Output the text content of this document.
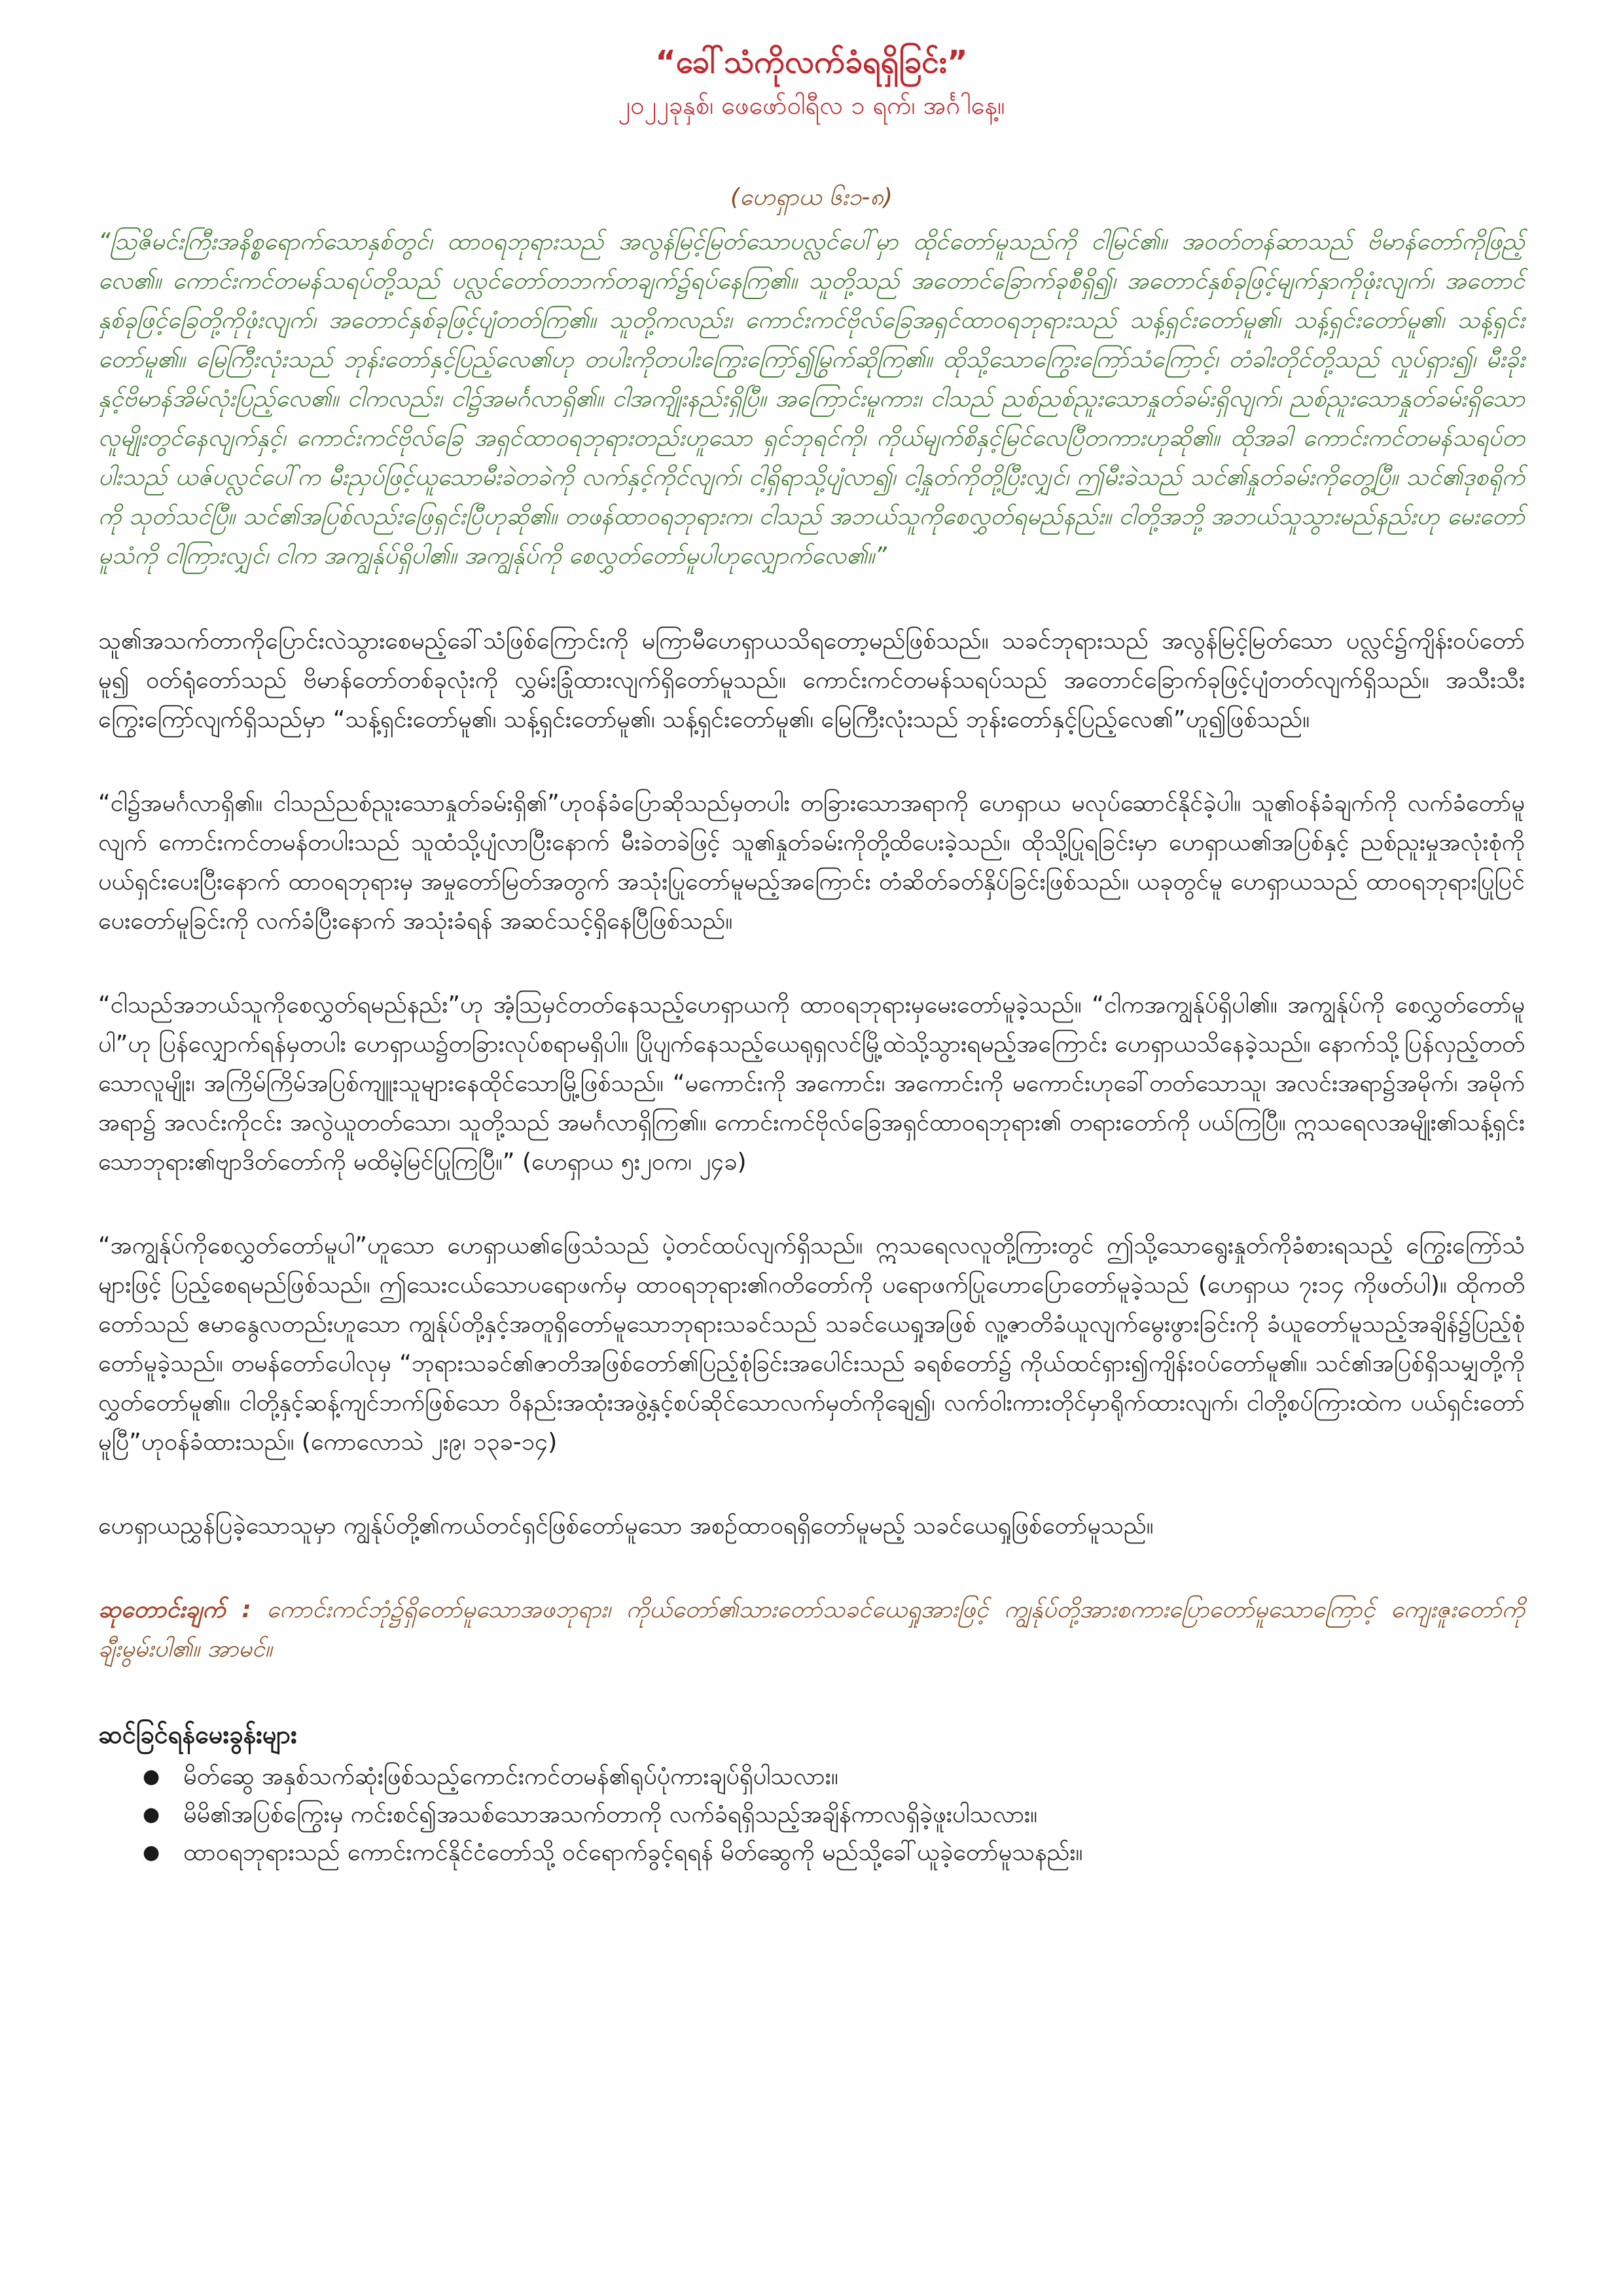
“ခေါ်သံကိုလက်ခံရရှိခြင်း”

၂၀၂၂ခုနှစ်၊ ဖေဖော်ဝါရီလ ၁ ရက်၊ အင်္ဂါနေ့။

(ဟေရှာယ ၆း၁-၈)

“ဩဇိမင်းကြီးအနိစ္စရောက်သောနှစ်တွင်၊ ထာဝရဘုရားသည် အလွန်မြင့်မြတ်သောပလ္လင်ပေါ်မှာ ထိုင်တော်မူသည်ကို ငါမြင်၏။ အဝတ်တန်ဆာသည် ဗိမာန်တော်ကိုဖြည့်လေ၏။ ကောင်းကင်တမန်သရပ်တို့သည် ပလ္လင်တော်တဘက်တချက်၌ရပ်နေကြ၏။ သူတို့သည် အတောင်ခြောက်ခုစီရှိ၍၊ အတောင်နှစ်ခုဖြင့်မျက်နှာကိုဖုံးလျက်၊ အတောင်နှစ်ခုဖြင့်ခြေတို့ကိုဖုံးလျက်၊ အတောင်နှစ်ခုဖြင့်ပျံတတ်ကြ၏။ သူတို့ကလည်း၊ ကောင်းကင်ဗိုလ်ခြေအရှင်ထာဝရဘုရားသည် သန့်ရှင်းတော်မူ၏၊ သန့်ရှင်းတော်မူ၏၊ သန့်ရှင်းတော်မူ၏။ မြေကြီးလုံးသည် ဘုန်းတော်နှင့်ပြည့်လေ၏ဟု တပါးကိုတပါးကြွေးကြော်၍မြွက်ဆိုကြ၏။ ထိုသို့သောကြွေးကြော်သံကြောင့်၊ တံခါးတိုင်တို့သည် လှုပ်ရှား၍၊ မီးခိုးနှင့်ဗိမာန်အိမ်လုံးပြည့်လေ၏။ ငါကလည်း၊ ငါ၌အမင်္ဂလာရှိ၏။ ငါအကျိုးနည်းရှိပြီ။ အကြောင်းမူကား၊ ငါသည် ညစ်ညစ်ညူးသောနှုတ်ခမ်းရှိလျက်၊ ညစ်ညူးသောနှုတ်ခမ်းရှိသော လူမျိုးတွင်နေလျက်နှင့်၊ ကောင်းကင်ဗိုလ်ခြေ အရှင်ထာဝရဘုရားတည်းဟူသော ရှင်ဘုရင်ကို၊ ကိုယ်မျက်စိနှင့်မြင်လေပြီတကားဟုဆို၏။ ထိုအခါ ကောင်းကင်တမန်သရပ်တပါးသည် ယဇ်ပလ္လင်ပေါ်က မီးညှပ်ဖြင့်ယူသောမီးခဲတခဲကို လက်နှင့်ကိုင်လျက်၊ ငါ့ရှိရာသို့ပျံလာ၍၊ ငါ့နှုတ်ကိုတို့ပြီးလျှင်၊ ဤမီးခဲသည် သင်၏နှုတ်ခမ်းကိုတွေ့ပြီ။ သင်၏ဒုစရိုက်ကို သုတ်သင်ပြီ။ သင်၏အပြစ်လည်းဖြေရှင်းပြီဟုဆို၏။ တဖန်ထာဝရဘုရားက၊ ငါသည် အဘယ်သူကိုစေလွှတ်ရမည်နည်း။ ငါတို့အဘို့ အဘယ်သူသွားမည်နည်းဟု မေးတော်မူသံကို ငါကြားလျှင်၊ ငါက အကျွန်ုပ်ရှိပါ၏။ အကျွန်ုပ်ကို စေလွှတ်တော်မူပါဟုလျှောက်လေ၏။”

သူ၏အသက်တာကိုပြောင်းလဲသွားစေမည့်ခေါ်သံဖြစ်ကြောင်းကို မကြာမီဟေရှာယသိရတော့မည်ဖြစ်သည်။ သခင်ဘုရားသည် အလွန်မြင့်မြတ်သော ပလ္လင်၌ကျိန်းဝပ်တော်မူ၍ ဝတ်ရုံတော်သည် ဗိမာန်တော်တစ်ခုလုံးကို လွှမ်းခြုံထားလျက်ရှိတော်မူသည်။ ကောင်းကင်တမန်သရပ်သည် အတောင်ခြောက်ခုဖြင့်ပျံတတ်လျက်ရှိသည်။ အသီးသီးကြွေးကြော်လျက်ရှိသည်မှာ “သန့်ရှင်းတော်မူ၏၊ သန့်ရှင်းတော်မူ၏၊ သန့်ရှင်းတော်မူ၏၊ မြေကြီးလုံးသည် ဘုန်းတော်နှင့်ပြည့်လေ၏”ဟူ၍ဖြစ်သည်။

“ငါ၌အမင်္ဂလာရှိ၏။ ငါသည်ညစ်ညူးသောနှုတ်ခမ်းရှိ၏”ဟုဝန်ခံပြောဆိုသည်မှတပါး တခြားသောအရာကို ဟေရှာယ မလုပ်ဆောင်နိုင်ခဲ့ပါ။ သူ၏ဝန်ခံချက်ကို လက်ခံတော်မူလျက် ကောင်းကင်တမန်တပါးသည် သူထံသို့ပျံလာပြီးနောက် မီးခဲတခဲဖြင့် သူ၏နှုတ်ခမ်းကိုတို့ထိပေးခဲ့သည်။ ထိုသို့ပြုရခြင်းမှာ ဟေရှာယ၏အပြစ်နှင့် ညစ်ညူးမှုအလုံးစုံကို ပယ်ရှင်းပေးပြီးနောက် ထာဝရဘုရားမှ အမှုတော်မြတ်အတွက် အသုံးပြုတော်မူမည့်အကြောင်း တံဆိတ်ခတ်နှိပ်ခြင်းဖြစ်သည်။ ယခုတွင်မူ ဟေရှာယသည် ထာဝရဘုရားပြုပြင်ပေးတော်မူခြင်းကို လက်ခံပြီးနောက် အသုံးခံရန် အဆင်သင့်ရှိနေပြီဖြစ်သည်။

“ငါသည်အဘယ်သူကိုစေလွှတ်ရမည်နည်း”ဟု အံ့ဩမှင်တတ်နေသည့်ဟေရှာယကို ထာဝရဘုရားမှမေးတော်မူခဲ့သည်။ “ငါကအကျွန်ုပ်ရှိပါ၏။ အကျွန်ုပ်ကို စေလွှတ်တော်မူပါ”ဟု ပြန်လျှောက်ရန်မှတပါး ဟေရှာယ၌တခြားလုပ်စရာမရှိပါ။ ပြိုပျက်နေသည့်ယေရုရှလင်မြို့ထဲသို့သွားရမည့်အကြောင်း ဟေရှာယသိနေခဲ့သည်။ နောက်သို့ပြန်လှည့်တတ်သောလူမျိုး၊ အကြိမ်ကြိမ်အပြစ်ကျူးသူများနေထိုင်သောမြို့ဖြစ်သည်။ “မကောင်းကို အကောင်း၊ အကောင်းကို မကောင်းဟုခေါ်တတ်သောသူ၊ အလင်းအရာ၌အမိုက်၊ အမိုက်အရာ၌ အလင်းကိုငင်း အလွဲယူတတ်သော၊ သူတို့သည် အမင်္ဂလာရှိကြ၏။ ကောင်းကင်ဗိုလ်ခြေအရှင်ထာဝရဘုရား၏ တရားတော်ကို ပယ်ကြပြီ။ ဣသရေလအမျိုး၏သန့်ရှင်းသောဘုရား၏ဗျာဒိတ်တော်ကို မထိမဲ့မြင်ပြုကြပြီ။” (ဟေရှာယ ၅း၂၀က၊ ၂၄ခ)

“အကျွန်ုပ်ကိုစေလွှတ်တော်မူပါ”ဟူသော ဟေရှာယ၏ဖြေသံသည် ပဲ့တင်ထပ်လျက်ရှိသည်။ ဣသရေလလူတို့ကြားတွင် ဤသို့သောရွေးနှုတ်ကိုခံစားရသည့် ကြွေးကြော်သံများဖြင့် ပြည့်စေရမည်ဖြစ်သည်။ ဤသေးငယ်သောပရောဖက်မှ ထာဝရဘုရား၏ဂတိတော်ကို ပရောဖက်ပြုဟောပြောတော်မူခဲ့သည် (ဟေရှာယ ၇း၁၄ ကိုဖတ်ပါ)။ ထိုကတိတော်သည် ဧမာနွေလတည်းဟူသော ကျွန်ုပ်တို့နှင့်အတူရှိတော်မူသောဘုရားသခင်သည် သခင်ယေရှုအဖြစ် လူ့ဇာတိခံယူလျက်မွေးဖွားခြင်းကို ခံယူတော်မူသည့်အချိန်၌ပြည့်စုံတော်မူခဲ့သည်။ တမန်တော်ပေါလုမှ “ဘုရားသခင်၏ဇာတိအဖြစ်တော်၏ပြည့်စုံခြင်းအပေါင်းသည် ခရစ်တော်၌ ကိုယ်ထင်ရှား၍ကျိန်းဝပ်တော်မူ၏။ သင်၏အပြစ်ရှိသမျှတို့ကို လွှတ်တော်မူ၏။ ငါတို့နှင့်ဆန့်ကျင်ဘက်ဖြစ်သော ဝိနည်းအထုံးအဖွဲ့နှင့်စပ်ဆိုင်သောလက်မှတ်ကိုချေ၍၊ လက်ဝါးကားတိုင်မှာရိုက်ထားလျက်၊ ငါတို့စပ်ကြားထဲက ပယ်ရှင်းတော်မူပြီ”ဟုဝန်ခံထားသည်။ (ကောလောသဲ ၂း၉၊ ၁၃ခ-၁၄)

ဟေရှာယညွှန်ပြခဲ့သောသူမှာ ကျွန်ုပ်တို့၏ကယ်တင်ရှင်ဖြစ်တော်မူသော အစဉ်ထာဝရရှိတော်မူမည့် သခင်ယေရှုဖြစ်တော်မူသည်။

ဆုတောင်းချက် : ကောင်းကင်ဘုံ၌ရှိတော်မူသောအဖဘုရား၊ ကိုယ်တော်၏သားတော်သခင်ယေရှုအားဖြင့် ကျွန်ုပ်တို့အားစကားပြောတော်မူသောကြောင့် ကျေးဇူးတော်ကိုချီးမွမ်းပါ၏။ အာမင်။

ဆင်ခြင်ရန်မေးခွန်းများ

● မိတ်ဆွေ အနှစ်သက်ဆုံးဖြစ်သည့်ကောင်းကင်တမန်၏ရုပ်ပုံကားချပ်ရှိပါသလား။
● မိမိ၏အပြစ်ကြွေးမှ ကင်းစင်၍အသစ်သောအသက်တာကို လက်ခံရရှိသည့်အချိန်ကာလရှိခဲ့ဖူးပါသလား။
● ထာဝရဘုရားသည် ကောင်းကင်နိုင်ငံတော်သို့ ဝင်ရောက်ခွင့်ရရန် မိတ်ဆွေကို မည်သို့ခေါ်ယူခဲ့တော်မူသနည်း။
